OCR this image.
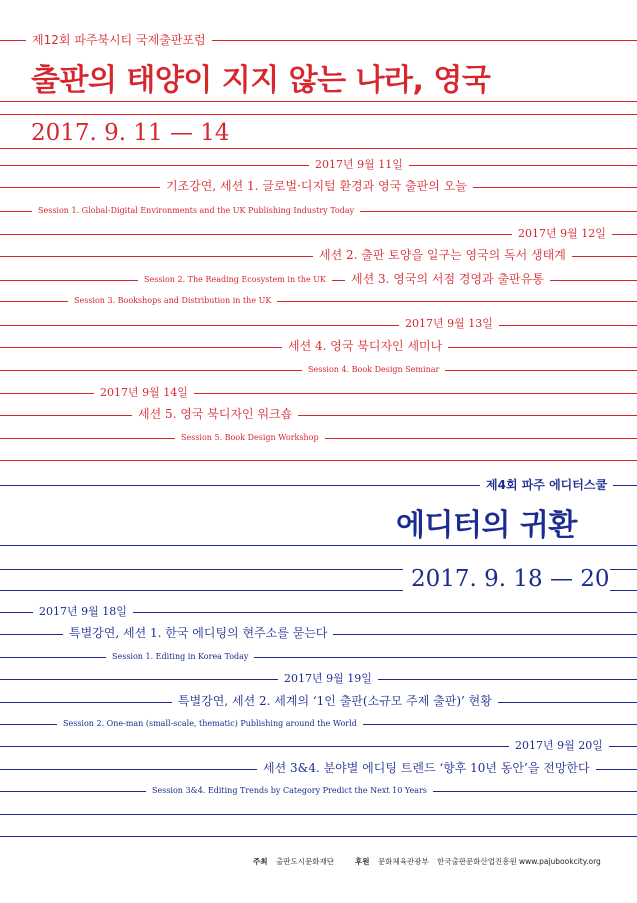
제12회 파주북시티 국제출판포럼
출판의 태양이 지지 않는 나라, 영국
2017. 9. 11 — 14
2017년 9월 11일
기조강연, 세션 1. 글로벌·디지털 환경과 영국 출판의 오늘
Session 1. Global-Digital Environments and the UK Publishing Industry Today
2017년 9월 12일
세션 2. 출판 토양을 일구는 영국의 독서 생태계
Session 2. The Reading Ecosystem in the UK	세션 3. 영국의 서점 경영과 출판유통
Session 3. Bookshops and Distribution in the UK
2017년 9월 13일
세션 4. 영국 북디자인 세미나
Session 4. Book Design Seminar
2017년 9월 14일
세션 5. 영국 북디자인 워크숍
Session 5. Book Design Workshop
제4회 파주 에디터스쿨
에디터의 귀환
2017. 9. 18 — 20
2017년 9월 18일
특별강연, 세션 1. 한국 에디팅의 현주소를 묻는다
Session 1. Editing in Korea Today
2017년 9월 19일
특별강연, 세션 2. 세계의 ‘1인 출판(소규모 주제 출판)’ 현황
Session 2. One-man (small-scale, thematic) Publishing around the World
2017년 9월 20일
세션 3&4. 분야별 에디팅 트렌드 ‘향후 10년 동안’을 전망한다
Session 3&4. Editing Trends by Category Predict the Next 10 Years
주최 출판도시문화재단	후원 문화체육관광부 한국출판문화산업진흥원 www.pajubookcity.org
